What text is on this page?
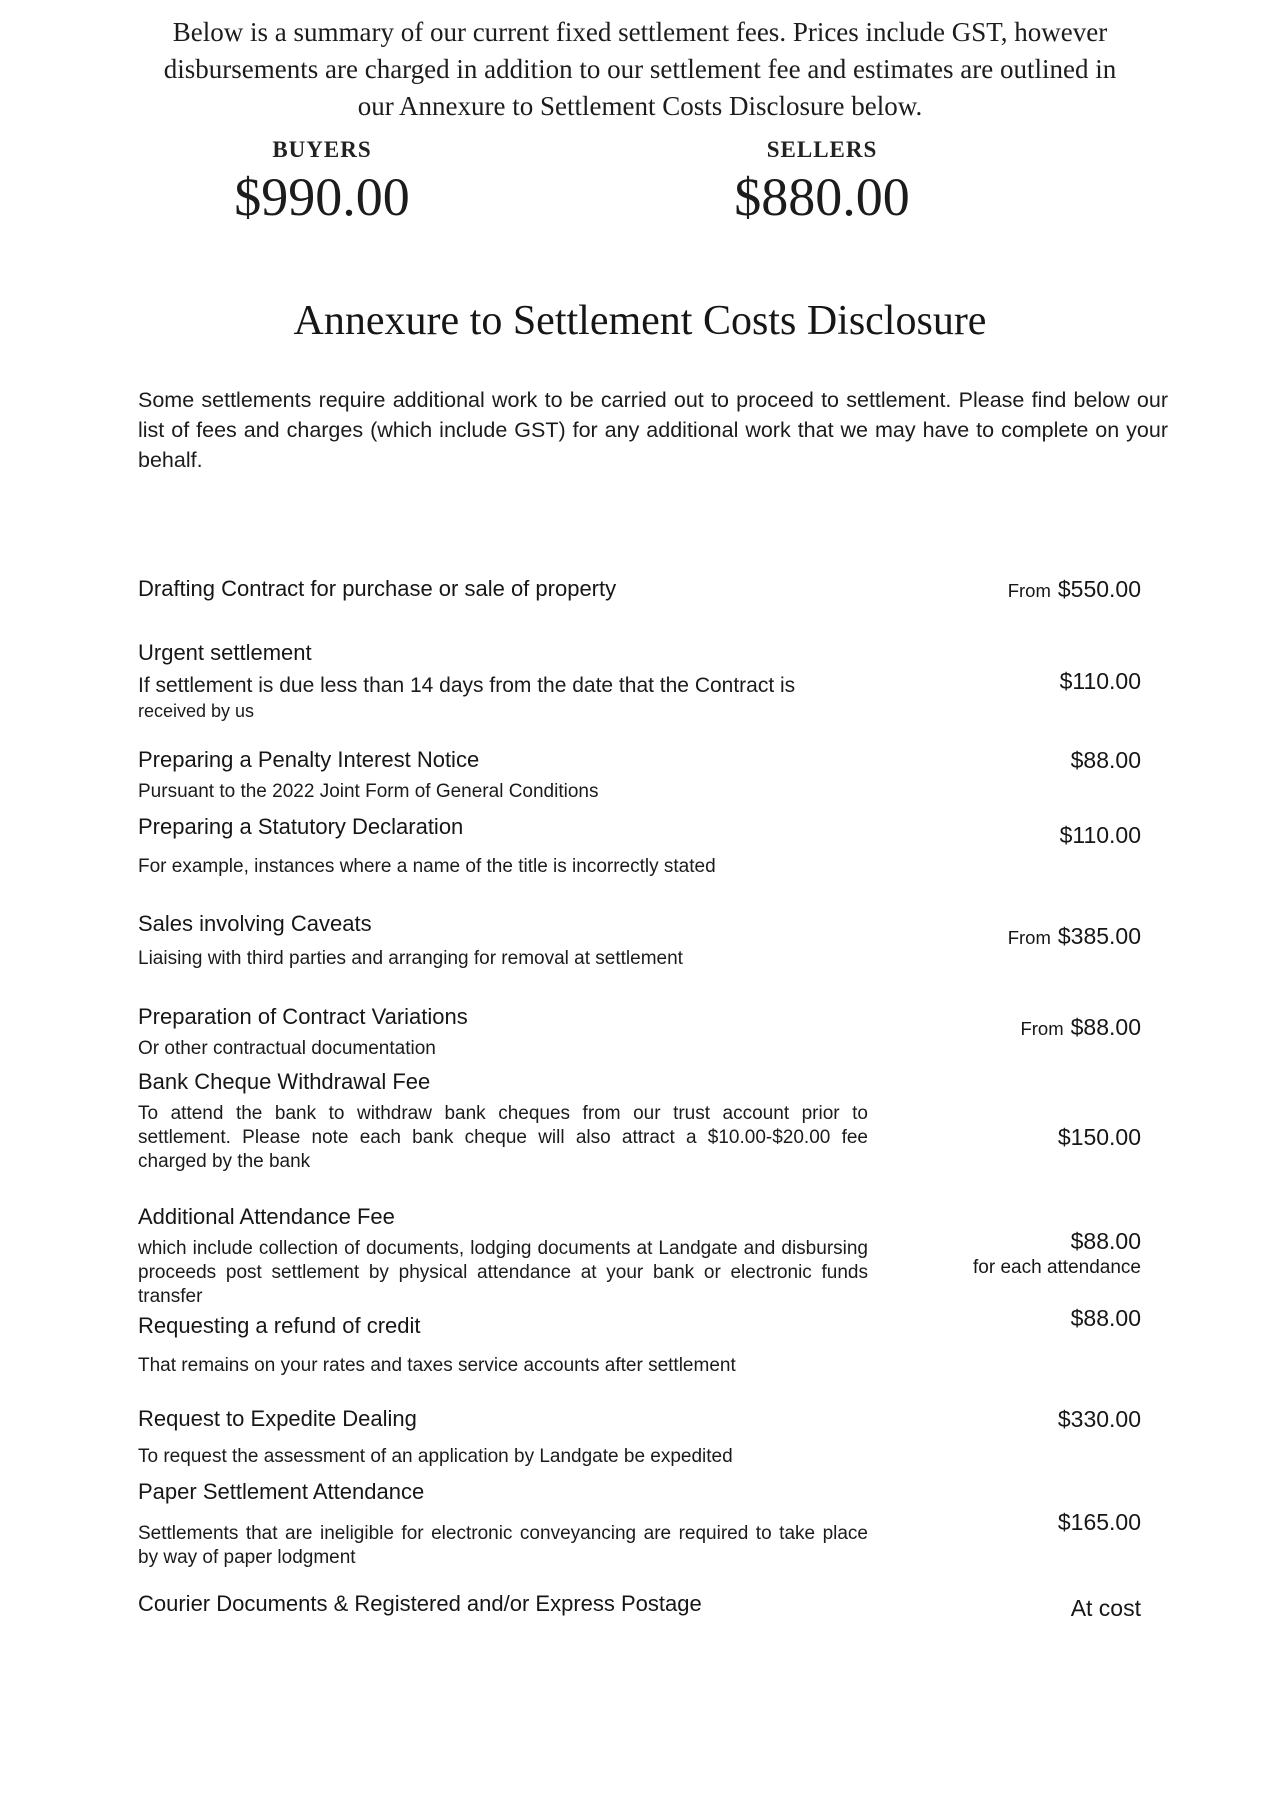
Below is a summary of our current fixed settlement fees. Prices include GST, however
disbursements are charged in addition to our settlement fee and estimates are outlined in
our Annexure to Settlement Costs Disclosure below.
BUYERS
$990.00
SELLERS
$880.00
Annexure to Settlement Costs Disclosure

Some settlements require additional work to be carried out to proceed to settlement. Please find below our list of fees and charges (which include GST) for any additional work that we may have to complete on your behalf.

Drafting Contract for purchase or sale of property	From $550.00
Urgent settlement
If settlement is due less than 14 days from the date that the Contract is
received by us
$110.00
Preparing a Penalty Interest Notice
Pursuant to the 2022 Joint Form of General Conditions
$88.00
Preparing a Statutory Declaration
For example, instances where a name of the title is incorrectly stated
$110.00
Sales involving Caveats
Liaising with third parties and arranging for removal at settlement
From $385.00
Preparation of Contract Variations
Or other contractual documentation
From $88.00
Bank Cheque Withdrawal Fee
To attend the bank to withdraw bank cheques from our trust account prior to settlement. Please note each bank cheque will also attract a $10.00-$20.00 fee charged by the bank
$150.00
Additional Attendance Fee
which include collection of documents, lodging documents at Landgate and disbursing proceeds post settlement by physical attendance at your bank or electronic funds transfer
$88.00
for each attendance
Requesting a refund of credit
That remains on your rates and taxes service accounts after settlement
$88.00
Request to Expedite Dealing
To request the assessment of an application by Landgate be expedited
$330.00
Paper Settlement Attendance
Settlements that are ineligible for electronic conveyancing are required to take place by way of paper lodgment
$165.00
Courier Documents & Registered and/or Express Postage	At cost
